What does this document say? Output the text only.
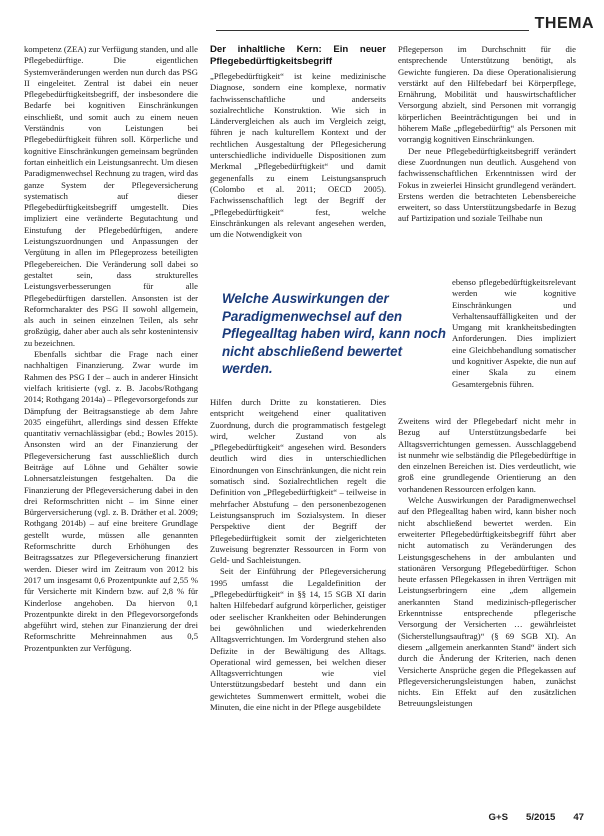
THEMA

kompetenz (ZEA) zur Verfügung standen, und alle Pflegebedürftige. Die eigentlichen Systemveränderungen werden nun durch das PSG II eingeleitet. Zentral ist dabei ein neuer Pflegebedürftigkeitsbegriff, der insbesondere die Bedarfe bei kognitiven Einschränkungen einschließt, und somit auch zu einem neuen Verständnis von Leistungen bei Pflegebedürftigkeit führen soll. Körperliche und kognitive Einschränkungen gemeinsam begründen fortan einheitlich ein Leistungsanrecht. Um diesen Paradigmenwechsel Rechnung zu tragen, wird das ganze System der Pflegeversicherung systematisch auf dieser Pflegebedürftigkeitsbegriff umgestellt. Dies impliziert eine veränderte Begutachtung und Einstufung der Pflegebedürftigen, andere Leistungszuordnungen und Anpassungen der Vergütung in allen im Pflegeprozess beteiligten Pflegebereichen. Die Veränderung soll dabei so gestaltet sein, dass strukturelles Leistungsverbesserungen für alle Pflegebedürftigen darstellen. Ansonsten ist der Reformcharakter des PSG II sowohl allgemein, als auch in seinen einzelnen Teilen, als sehr großzügig, daher aber auch als sehr kostenintensiv zu bezeichnen.

Ebenfalls sichtbar die Frage nach einer nachhaltigen Finanzierung. Zwar wurde im Rahmen des PSG I der – auch in anderer Hinsicht vielfach kritisierte (vgl. z. B. Jacobs/Rothgang 2014; Rothgang 2014a) – Pflegevorsorgefonds zur Dämpfung der Beitragsanstiege ab dem Jahre 2035 eingeführt, allerdings sind dessen Effekte quantitativ vernachlässigbar (ebd.; Bowles 2015). Ansonsten wird an der Finanzierung der Pflegeversicherung fast ausschließlich durch Beiträge auf Löhne und Gehälter sowie Lohnersatzleistungen festgehalten. Da die Finanzierung der Pflegeversicherung dabei in den drei Reformschritten nicht – im Sinne einer Bürgerversicherung (vgl. z. B. Dräther et al. 2009; Rothgang 2014b) – auf eine breitere Grundlage gestellt wurde, müssen alle genannten Reformschritte durch Erhöhungen des Beitragssatzes zur Pflegeversicherung finanziert werden. Dieser wird im Zeitraum von 2012 bis 2017 um insgesamt 0,6 Prozentpunkte auf 2,55 % für Versicherte mit Kindern bzw. auf 2,8 % für Kinderlose angehoben. Da hiervon 0,1 Prozentpunkte direkt in den Pflegevorsorgefonds abgeführt wird, stehen zur Finanzierung der drei Reformschritte Mehreinnahmen aus 0,5 Prozentpunkten zur Verfügung.

Der inhaltliche Kern: Ein neuer Pflegebedürftigkeitsbegriff

„Pflegebedürftigkeit“ ist keine medizinische Diagnose, sondern eine komplexe, normativ fachwissenschaftliche und anderseits sozialrechtliche Konstruktion. Wie sich in Ländervergleichen als auch im Vergleich zeigt, führen je nach kulturellem Kontext und der rechtlichen Ausgestaltung der Pflegesicherung unterschiedliche individuelle Dispositionen zum Merkmal „Pflegebedürftigkeit“ und damit gegenenfalls zu einem Leistungsanspruch (Colombo et al. 2011; OECD 2005). Fachwissenschaftlich legt der Begriff der „Pflegebedürftigkeit“ fest, welche Einschränkungen als relevant angesehen werden, um die Notwendigkeit von

Welche Auswirkungen der Paradigmenwechsel auf den Pflegealltag haben wird, kann noch nicht abschließend bewertet werden.

Hilfen durch Dritte zu konstatieren. Dies entspricht weitgehend einer qualitativen Zuordnung, durch die programmatisch festgelegt wird, welcher Zustand von als „Pflegebedürftigkeit“ angesehen wird. Besonders deutlich wird dies in unterschiedlichen Einordnungen von Einschränkungen, die nicht rein somatisch sind. Sozialrechtlichen regelt die Definition von „Pflegebedürftigkeit“ – teilweise in mehrfacher Abstufung – den personenbezogenen Leistungsanspruch im Sozialsystem. In dieser Perspektive dient der Begriff der Pflegebedürftigkeit somit der zielgerichteten Zuweisung begrenzter Ressourcen in Form von Geld- und Sachleistungen.

Seit der Einführung der Pflegeversicherung 1995 umfasst die Legaldefinition der „Pflegebedürftigkeit“ in §§ 14, 15 SGB XI darin halten Hilfebedarf aufgrund körperlicher, geistiger oder seelischer Krankheiten oder Behinderungen bei gewöhnlichen und wiederkehrenden Alltagsverrichtungen. Im Vordergrund stehen also Defizite in der Bewältigung des Alltags. Operational wird gemessen, bei welchen dieser Alltagsverrichtungen wie viel Unterstützungsbedarf besteht und dann ein gewichtetes Summenwert ermittelt, wobei die Minuten, die eine nicht in der Pflege ausgebildete

Pflegeperson im Durchschnitt für die entsprechende Unterstützung benötigt, als Gewichte fungieren. Da diese Operationalisierung verstärkt auf den Hilfebedarf bei Körperpflege, Ernährung, Mobilität und hauswirtschaftlicher Versorgung abzielt, sind Personen mit vorrangig körperlichen Beeinträchtigungen bei und in höherem Maße „pflegebedürftig“ als Personen mit vorrangig kognitiven Einschränkungen.

Der neue Pflegebedürftigkeitsbegriff verändert diese Zuordnungen nun deutlich. Ausgehend von fachwissenschaftlichen Erkenntnissen wird der Fokus in zweierlei Hinsicht grundlegend verändert. Erstens werden die betrachteten Lebensbereiche erweitert, so dass Unterstützungsbedarfe in Bezug auf Partizipation und soziale Teilhabe nun

ebenso pflegebedürftigkeitsrelevant werden wie kognitive Einschränkungen und Verhaltensauffälligkeiten und der Umgang mit krankheitsbedingten Anforderungen. Dies impliziert eine Gleichbehandlung somatischer und kognitiver Aspekte, die nun auf einer Skala zu einem Gesamtergebnis führen.

Zweitens wird der Pflegebedarf nicht mehr in Bezug auf Unterstützungsbedarfe bei Alltagsverrichtungen gemessen. Ausschlaggebend ist nunmehr wie selbständig die Pflegebedürftige in den einzelnen Bereichen ist. Dies verdeutlicht, wie groß eine grundlegende Orientierung an den vorhandenen Ressourcen erfolgen kann.

Welche Auswirkungen der Paradigmenwechsel auf den Pflegealltag haben wird, kann bisher noch nicht abschließend bewertet werden. Ein erweiterter Pflegebedürftigkeitsbegriff führt aber nicht automatisch zu Veränderungen des Leistungsgeschehens in der ambulanten und stationären Versorgung Pflegebedürftiger. Schon heute erfassen Pflegekassen in ihren Verträgen mit Leistungserbringern eine „dem allgemein anerkannten Stand medizinisch-pflegerischer Erkenntnisse entsprechende pflegerische Versorgung der Versicherten … gewährleistet (Sicherstellungsauftrag)“ (§ 69 SGB XI). An diesem „allgemein anerkannten Stand“ ändert sich durch die Änderung der Kriterien, nach denen Versicherte Ansprüche gegen die Pflegekassen auf Pflegeversicherungsleistungen haben, zunächst nichts. Ein Effekt auf den zusätzlichen Betreuungsleistungen

G+S 5/2015 47
